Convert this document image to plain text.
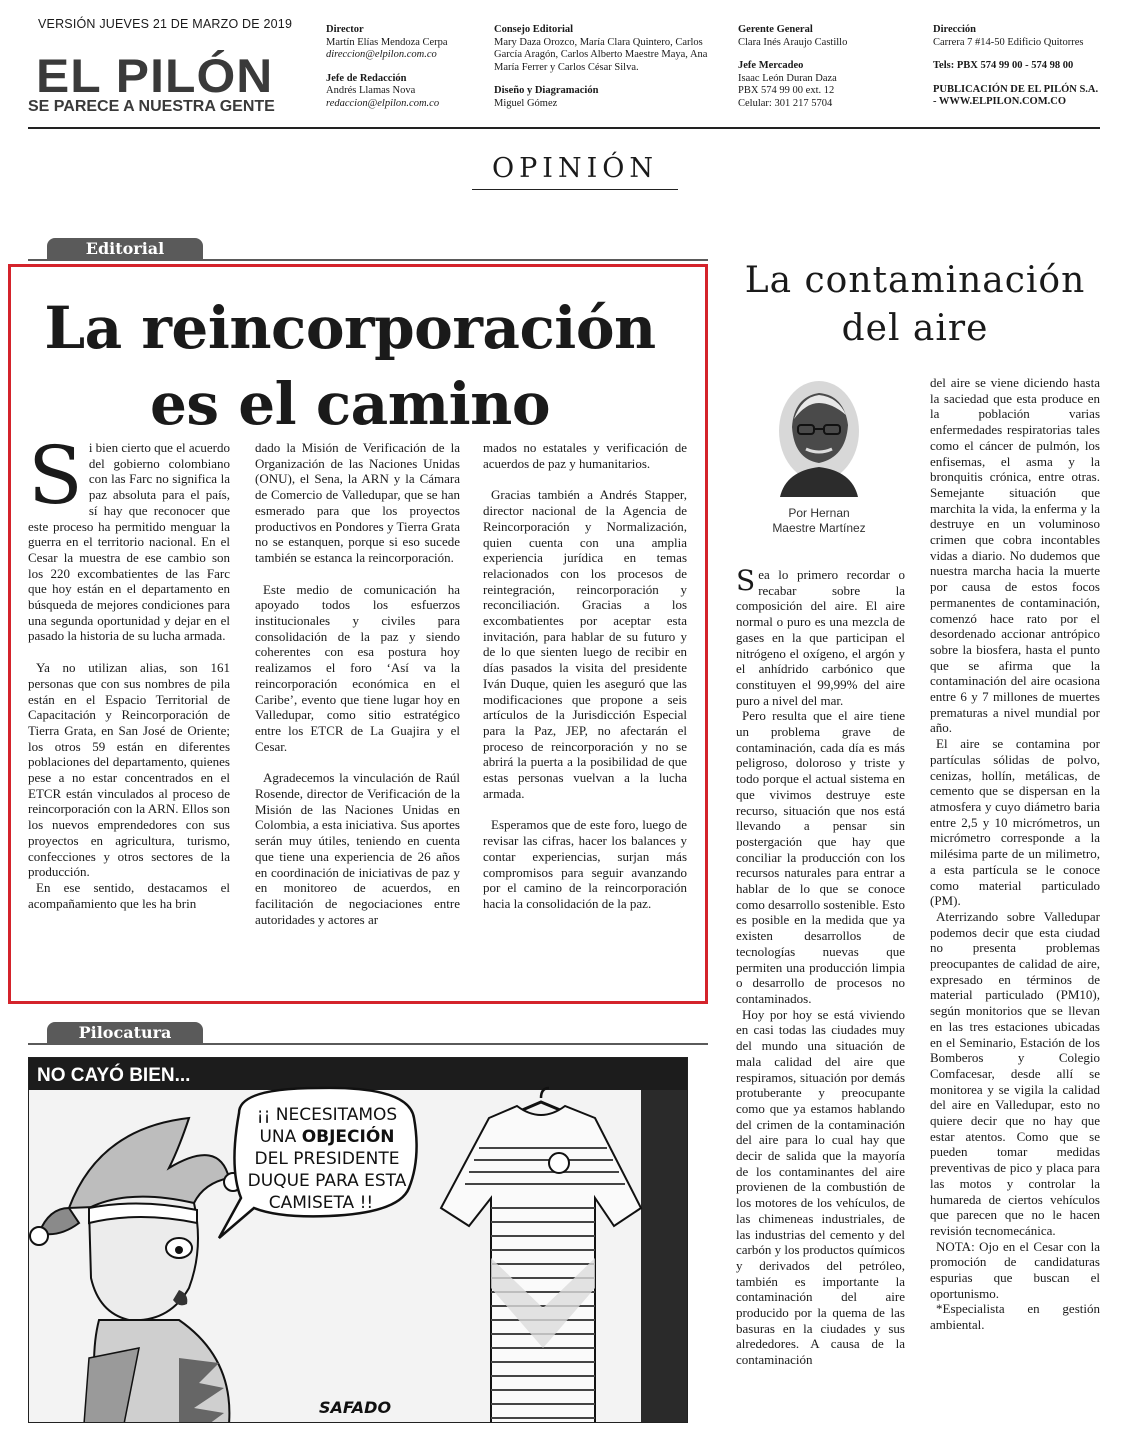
VERSIÓN JUEVES 21 DE MARZO DE 2019
EL PILÓN
SE PARECE A NUESTRA GENTE
Director
Martín Elías Mendoza Cerpa
direccion@elpilon.com.co
Jefe de Redacción
Andrés Llamas Nova
redaccion@elpilon.com.co
Consejo Editorial
Mary Daza Orozco, María Clara Quintero, Carlos García Aragón, Carlos Alberto Maestre Maya, Ana María Ferrer y Carlos César Silva.
Diseño y Diagramación
Miguel Gómez
Gerente General
Clara Inés Araujo Castillo
Jefe Mercadeo
Isaac León Duran Daza
PBX 574 99 00 ext. 12
Celular: 301 217 5704
Dirección
Carrera 7 #14-50 Edificio Quitorres
Tels: PBX 574 99 00 - 574 98 00
PUBLICACIÓN DE EL PILÓN S.A. - WWW.ELPILON.COM.CO
OPINIÓN
Editorial
La reincorporación
es el camino

Si bien cierto que el acuerdo del gobierno colombiano con las Farc no significa la paz absoluta para el país, sí hay que reconocer que este proceso ha permitido menguar la guerra en el territorio nacional. En el Cesar la muestra de ese cambio son los 220 excombatientes de las Farc que hoy están en el departamento en búsqueda de mejores condiciones para una segunda oportunidad y dejar en el pasado la historia de su lucha armada.

Ya no utilizan alias, son 161 personas que con sus nombres de pila están en el Espacio Territorial de Capacitación y Reincorporación de Tierra Grata, en San José de Oriente; los otros 59 están en diferentes poblaciones del departamento, quienes pese a no estar concentrados en el ETCR están vinculados al proceso de reincorporación con la ARN. Ellos son los nuevos emprendedores con sus proyectos en agricultura, turismo, confecciones y otros sectores de la producción.

En ese sentido, destacamos el acompañamiento que les ha brin

dado la Misión de Verificación de la Organización de las Naciones Unidas (ONU), el Sena, la ARN y la Cámara de Comercio de Valledupar, que se han esmerado para que los proyectos productivos en Pondores y Tierra Grata no se estanquen, porque si eso sucede también se estanca la reincorporación.

Este medio de comunicación ha apoyado todos los esfuerzos institucionales y civiles para consolidación de la paz y siendo coherentes con esa postura hoy realizamos el foro ‘Así va la reincorporación económica en el Caribe’, evento que tiene lugar hoy en Valledupar, como sitio estratégico entre los ETCR de La Guajira y el Cesar.

Agradecemos la vinculación de Raúl Rosende, director de Verificación de la Misión de las Naciones Unidas en Colombia, a esta iniciativa. Sus aportes serán muy útiles, teniendo en cuenta que tiene una experiencia de 26 años en coordinación de iniciativas de paz y en monitoreo de acuerdos, en facilitación de negociaciones entre autoridades y actores ar

mados no estatales y verificación de acuerdos de paz y humanitarios.

Gracias también a Andrés Stapper, director nacional de la Agencia de Reincorporación y Normalización, quien cuenta con una amplia experiencia jurídica en temas relacionados con los procesos de reintegración, reincorporación y reconciliación. Gracias a los excombatientes por aceptar esta invitación, para hablar de su futuro y de lo que sienten luego de recibir en días pasados la visita del presidente Iván Duque, quien les aseguró que las modificaciones que propone a seis artículos de la Jurisdicción Especial para la Paz, JEP, no afectarán el proceso de reincorporación y no se abrirá la puerta a la posibilidad de que estas personas vuelvan a la lucha armada.

Esperamos que de este foro, luego de revisar las cifras, hacer los balances y contar experiencias, surjan más compromisos para seguir avanzando por el camino de la reincorporación hacia la consolidación de la paz.

Pilocatura
NO CAYÓ BIEN...
¡¡ NECESITAMOS
UNA OBJECIÓN
DEL PRESIDENTE
DUQUE PARA ESTA
CAMISETA !!
SAFADO
La contaminación
del aire
Por Hernan
Maestre Martínez

Sea lo primero recordar o recabar sobre la composición del aire. El aire normal o puro es una mezcla de gases en la que participan el nitrógeno el oxígeno, el argón y el anhídrido carbónico que constituyen el 99,99% del aire puro a nivel del mar.

Pero resulta que el aire tiene un problema grave de contaminación, cada día es más peligroso, doloroso y triste y todo porque el actual sistema en que vivimos destruye este recurso, situación que nos está llevando a pensar sin postergación que hay que conciliar la producción con los recursos naturales para entrar a hablar de lo que se conoce como desarrollo sostenible. Esto es posible en la medida que ya existen desarrollos de tecnologías nuevas que permiten una producción limpia o desarrollo de procesos no contaminados.

Hoy por hoy se está viviendo en casi todas las ciudades muy del mundo una situación de mala calidad del aire que respiramos, situación por demás protuberante y preocupante como que ya estamos hablando del crimen de la contaminación del aire para lo cual hay que decir de salida que la mayoría de los contaminantes del aire provienen de la combustión de los motores de los vehículos, de las chimeneas industriales, de las industrias del cemento y del carbón y los productos químicos y derivados del petróleo, también es importante la contaminación del aire producido por la quema de las basuras en la ciudades y sus alrededores. A causa de la contaminación

del aire se viene diciendo hasta la saciedad que esta produce en la población varias enfermedades respiratorias tales como el cáncer de pulmón, los enfisemas, el asma y la bronquitis crónica, entre otras. Semejante situación que marchita la vida, la enferma y la destruye en un voluminoso crimen que cobra incontables vidas a diario. No dudemos que nuestra marcha hacia la muerte por causa de estos focos permanentes de contaminación, comenzó hace rato por el desordenado accionar antrópico sobre la biosfera, hasta el punto que se afirma que la contaminación del aire ocasiona entre 6 y 7 millones de muertes prematuras a nivel mundial por año.

El aire se contamina por partículas sólidas de polvo, cenizas, hollín, metálicas, de cemento que se dispersan en la atmosfera y cuyo diámetro baria entre 2,5 y 10 micrómetros, un micrómetro corresponde a la milésima parte de un milimetro, a esta partícula se le conoce como material particulado (PM).

Aterrizando sobre Valledupar podemos decir que esta ciudad no presenta problemas preocupantes de calidad de aire, expresado en términos de material particulado (PM10), según monitorios que se llevan en las tres estaciones ubicadas en el Seminario, Estación de los Bomberos y Colegio Comfacesar, desde allí se monitorea y se vigila la calidad del aire en Valledupar, esto no quiere decir que no hay que estar atentos. Como que se pueden tomar medidas preventivas de pico y placa para las motos y controlar la humareda de ciertos vehículos que parecen que no le hacen revisión tecnomecánica.

NOTA: Ojo en el Cesar con la promoción de candidaturas espurias que buscan el oportunismo.

*Especialista en gestión ambiental.
